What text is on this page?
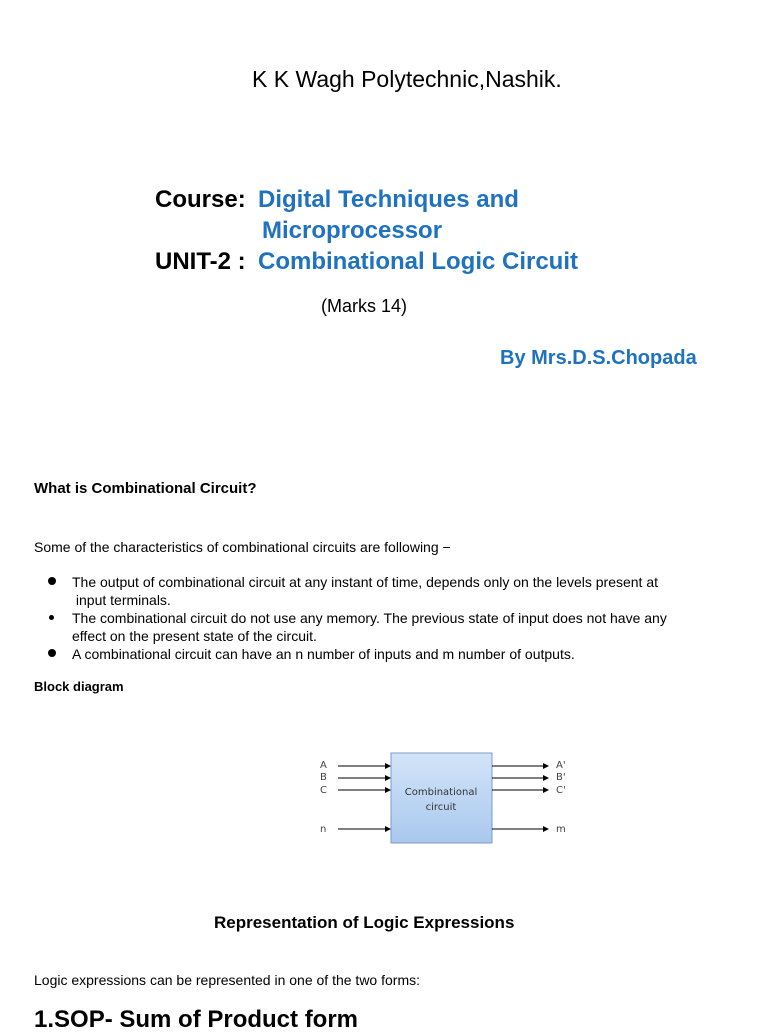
K K Wagh Polytechnic,Nashik.
Course: Digital Techniques and
Microprocessor
UNIT-2 : Combinational Logic Circuit
(Marks 14)
By Mrs.D.S.Chopada
What is Combinational Circuit?
Some of the characteristics of combinational circuits are following −
The output of combinational circuit at any instant of time, depends only on the levels present at
input terminals.
The combinational circuit do not use any memory. The previous state of input does not have any
effect on the present state of the circuit.
A combinational circuit can have an n number of inputs and m number of outputs.
Block diagram
Combinational
circuit
A
B
C
n
A'
B'
C'
m
Representation of Logic Expressions
Logic expressions can be represented in one of the two forms:
1.SOP- Sum of Product form
